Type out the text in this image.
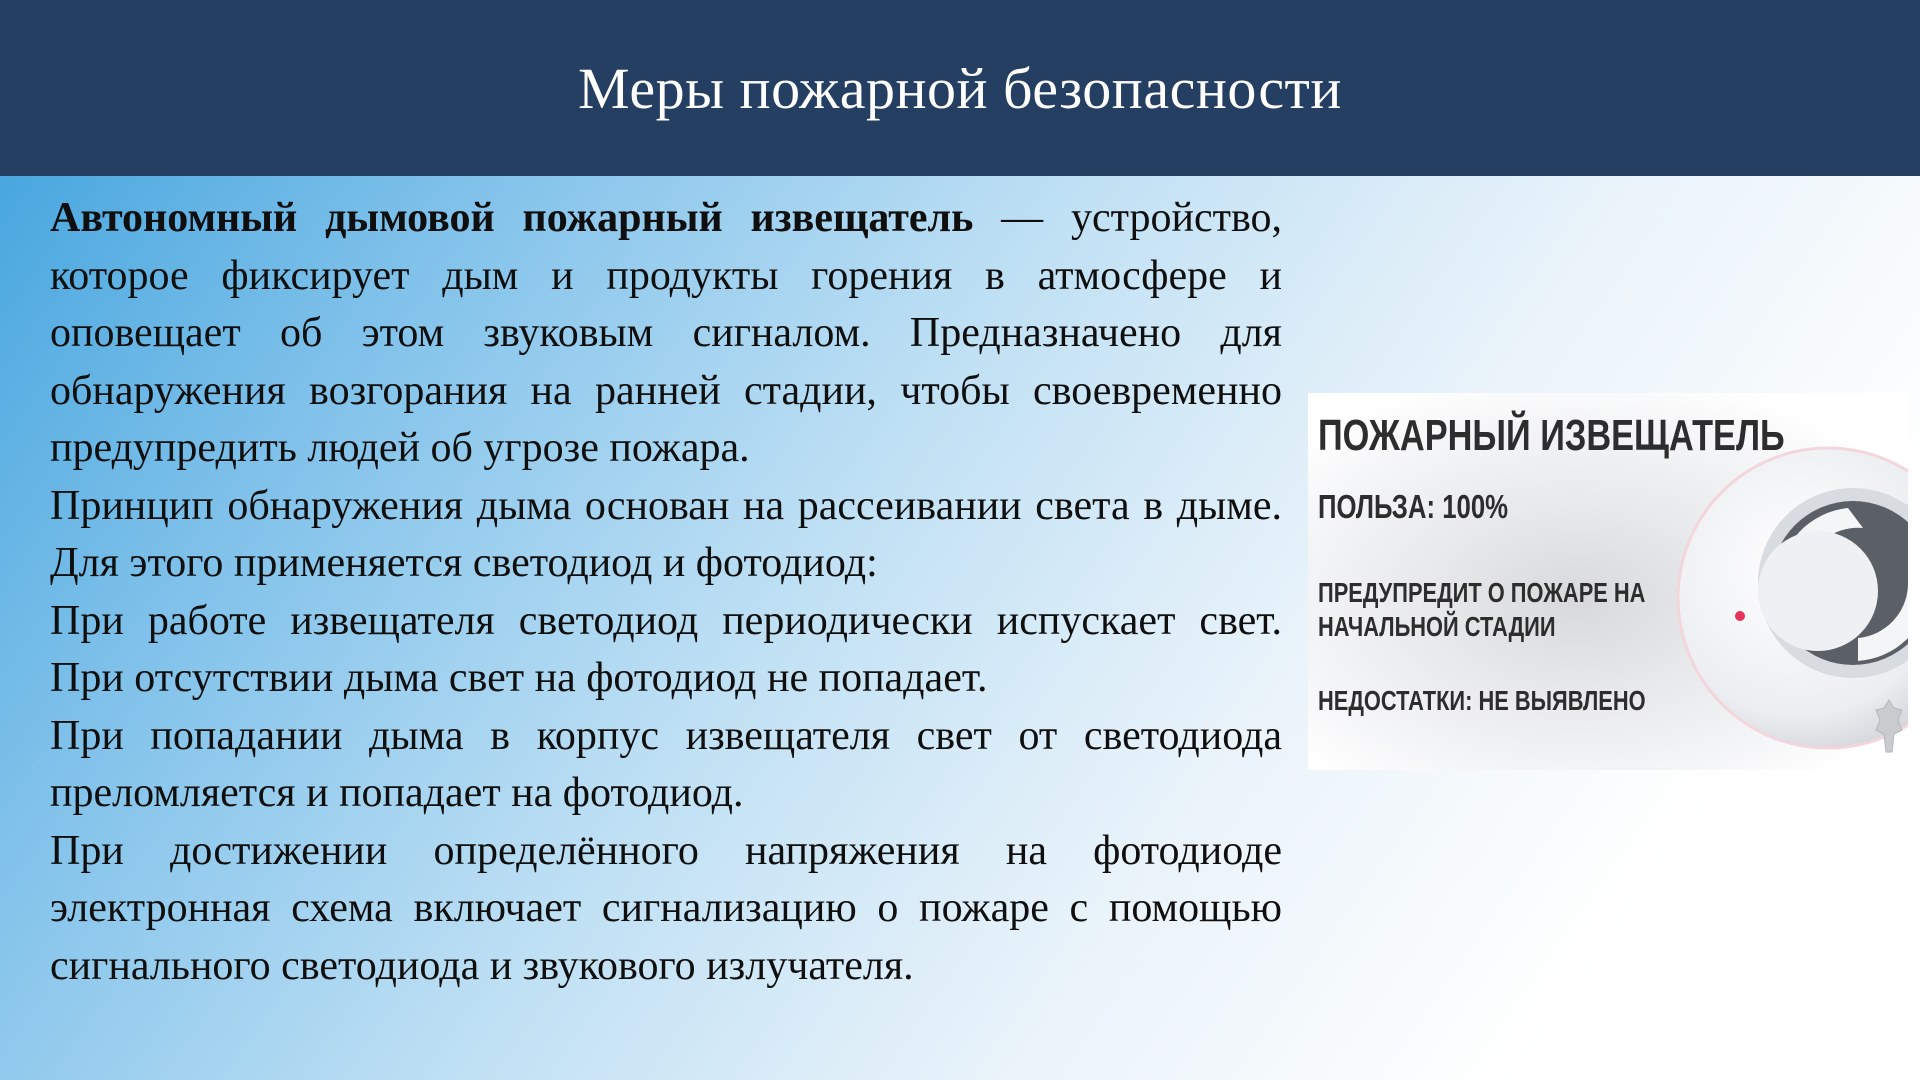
Меры пожарной безопасности

Автономный дымовой пожарный извещатель — устройство, которое фиксирует дым и продукты горения в атмосфере и оповещает об этом звуковым сигналом. Предназначено для обнаружения возгорания на ранней стадии, чтобы своевременно предупредить людей об угрозе пожара.

Принцип обнаружения дыма основан на рассеивании света в дыме. Для этого применяется светодиод и фотодиод:

При работе извещателя светодиод периодически испускает свет. При отсутствии дыма свет на фотодиод не попадает.

При попадании дыма в корпус извещателя свет от светодиода преломляется и попадает на фотодиод.

При достижении определённого напряжения на фотодиоде электронная схема включает сигнализацию о пожаре с помощью сигнального светодиода и звукового излучателя.

ПОЖАРНЫЙ ИЗВЕЩАТЕЛЬ
ПОЛЬЗА: 100%
ПРЕДУПРЕДИТ О ПОЖАРЕ НА
НАЧАЛЬНОЙ СТАДИИ
НЕДОСТАТКИ: НЕ ВЫЯВЛЕНО
